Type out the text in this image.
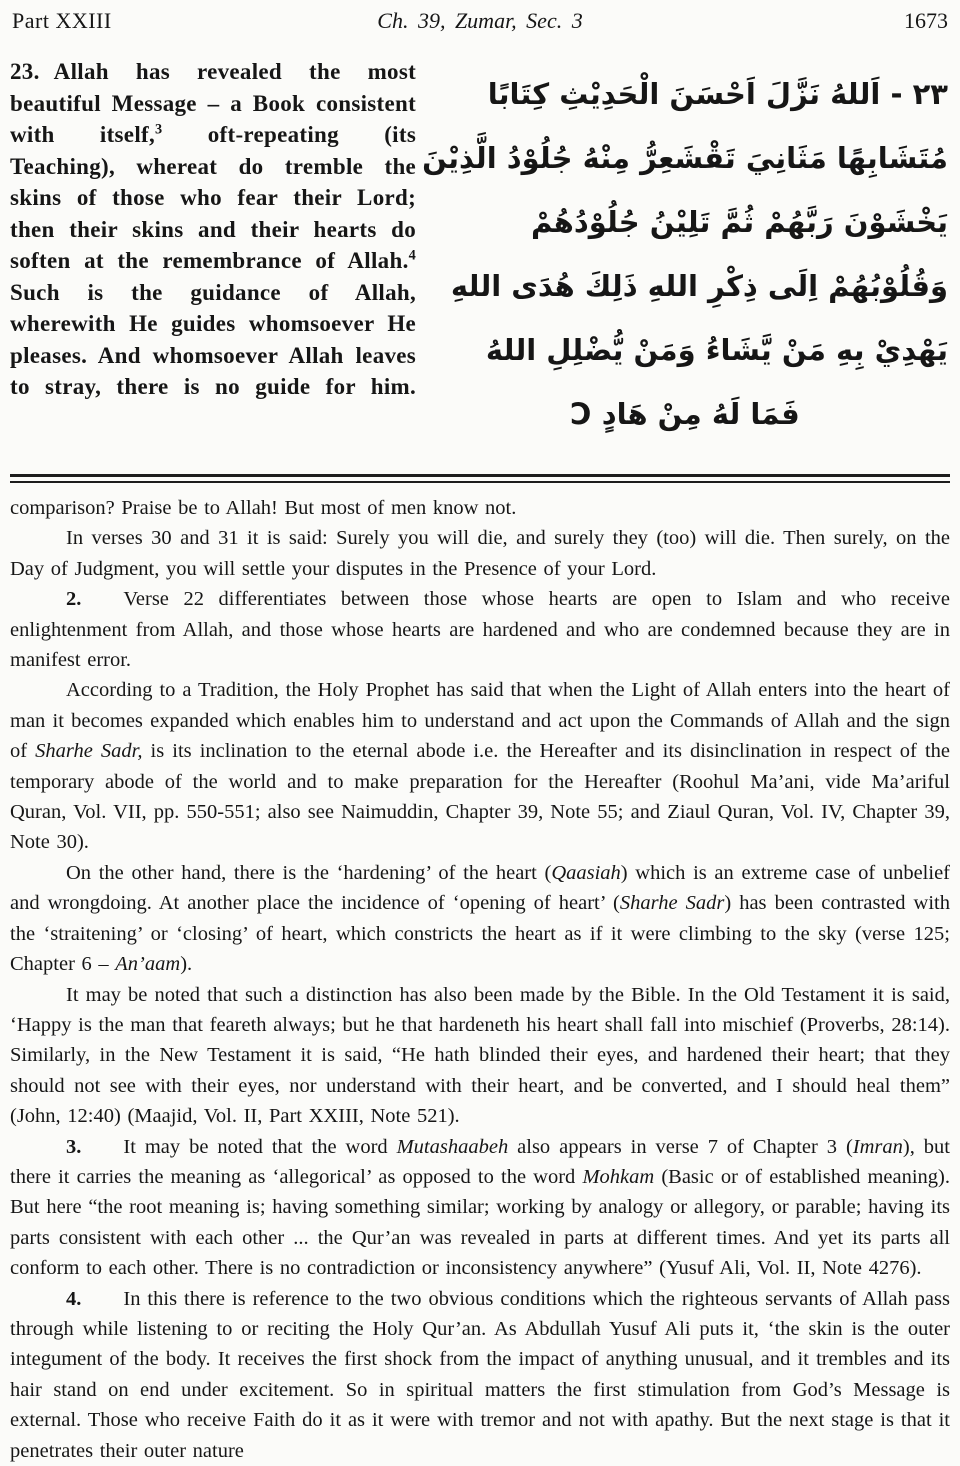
Part XXIII	Ch. 39, Zumar, Sec. 3	1673
23. Allah has revealed the most beautiful Message – a Book consistent with itself,$^3$ oft-repeating (its Teaching), whereat do tremble the skins of those who fear their Lord; then their skins and their hearts do soften at the remembrance of Allah.$^4$ Such is the guidance of Allah, wherewith He guides whomsoever He pleases. And whomsoever Allah leaves to stray, there is no guide for him.
٢٣ - اَللهُ نَزَّلَ اَحْسَنَ الْحَدِيْثِ كِتَابًا
مُتَشَابِهًا مَثَانِيَ تَقْشَعِرُّ مِنْهُ جُلُوْدُ الَّذِيْنَ
يَخْشَوْنَ رَبَّهُمْ ثُمَّ تَلِيْنُ جُلُوْدُهُمْ
وَقُلُوْبُهُمْ اِلَى ذِكْرِ اللهِ ذَلِكَ هُدَى اللهِ
يَهْدِيْ بِهِ مَنْ يَّشَاءُ وَمَنْ يُّضْلِلِ اللهُ
فَمَا لَهُ مِنْ هَادٍ Ɔ

comparison? Praise be to Allah! But most of men know not.

In verses 30 and 31 it is said: Surely you will die, and surely they (too) will die. Then surely, on the Day of Judgment, you will settle your disputes in the Presence of your Lord.

2. Verse 22 differentiates between those whose hearts are open to Islam and who receive enlightenment from Allah, and those whose hearts are hardened and who are condemned because they are in manifest error.

According to a Tradition, the Holy Prophet has said that when the Light of Allah enters into the heart of man it becomes expanded which enables him to understand and act upon the Commands of Allah and the sign of Sharhe Sadr, is its inclination to the eternal abode i.e. the Hereafter and its disinclination in respect of the temporary abode of the world and to make preparation for the Hereafter (Roohul Ma’ani, vide Ma’ariful Quran, Vol. VII, pp. 550-551; also see Naimuddin, Chapter 39, Note 55; and Ziaul Quran, Vol. IV, Chapter 39, Note 30).

On the other hand, there is the ‘hardening’ of the heart (Qaasiah) which is an extreme case of unbelief and wrongdoing. At another place the incidence of ‘opening of heart’ (Sharhe Sadr) has been contrasted with the ‘straitening’ or ‘closing’ of heart, which constricts the heart as if it were climbing to the sky (verse 125; Chapter 6 – An’aam).

It may be noted that such a distinction has also been made by the Bible. In the Old Testament it is said, ‘Happy is the man that feareth always; but he that hardeneth his heart shall fall into mischief (Proverbs, 28:14). Similarly, in the New Testament it is said, “He hath blinded their eyes, and hardened their heart; that they should not see with their eyes, nor understand with their heart, and be converted, and I should heal them” (John, 12:40) (Maajid, Vol. II, Part XXIII, Note 521).

3. It may be noted that the word Mutashaabeh also appears in verse 7 of Chapter 3 (Imran), but there it carries the meaning as ‘allegorical’ as opposed to the word Mohkam (Basic or of established meaning). But here “the root meaning is; having something similar; working by analogy or allegory, or parable; having its parts consistent with each other ... the Qur’an was revealed in parts at different times. And yet its parts all conform to each other. There is no contradiction or inconsistency anywhere” (Yusuf Ali, Vol. II, Note 4276).

4. In this there is reference to the two obvious conditions which the righteous servants of Allah pass through while listening to or reciting the Holy Qur’an. As Abdullah Yusuf Ali puts it, ‘the skin is the outer integument of the body. It receives the first shock from the impact of anything unusual, and it trembles and its hair stand on end under excitement. So in spiritual matters the first stimulation from God’s Message is external. Those who receive Faith do it as it were with tremor and not with apathy. But the next stage is that it penetrates their outer nature
